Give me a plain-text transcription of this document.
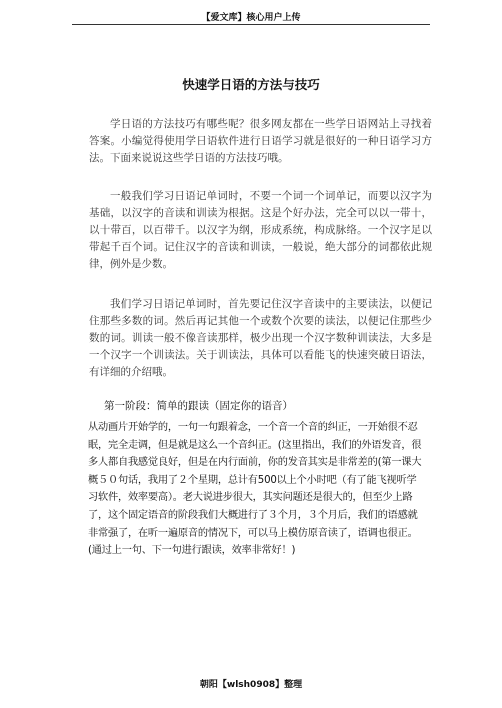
【爱文库】核心用户上传
快速学日语的方法与技巧

学日语的方法技巧有哪些呢？很多网友都在一些学日语网站上寻找着答案。小编觉得使用学日语软件进行日语学习就是很好的一种日语学习方法。下面来说说这些学日语的方法技巧哦。

一般我们学习日语记单词时，不要一个词一个词单记，而要以汉字为基础，以汉字的音读和训读为根据。这是个好办法，完全可以以一带十，以十带百，以百带千。以汉字为纲，形成系统，构成脉络。一个汉字足以带起千百个词。记住汉字的音读和训读，一般说，绝大部分的词都依此规律，例外是少数。

我们学习日语记单词时，首先要记住汉字音读中的主要读法，以便记住那些多数的词。然后再记其他一个或数个次要的读法，以便记住那些少数的词。训读一般不像音读那样，极少出现一个汉字数种训读法，大多是一个汉字一个训读法。关于训读法，具体可以看能飞的快速突破日语法，有详细的介绍哦。

第一阶段：简单的跟读（固定你的语音）
从动画片开始学的，一句一句跟着念，一个音一个音的纠正，一开始很不忍眠，完全走调，但是就是这么一个音纠正。(这里指出，我们的外语发音，很多人都自我感觉良好，但是在内行面前，你的发音其实是非常差的(第一课大概５０句话，我用了２个星期，总计有500以上个小时吧（有了能飞视听学习软件，效率要高）。老大说进步很大，其实问题还是很大的，但至少上路了，这个固定语音的阶段我们大概进行了３个月，３个月后，我们的语感就非常强了，在听一遍原音的情况下，可以马上模仿原音读了，语调也很正。(通过上一句、下一句进行跟读，效率非常好！)
朝阳【wlsh0908】整理
